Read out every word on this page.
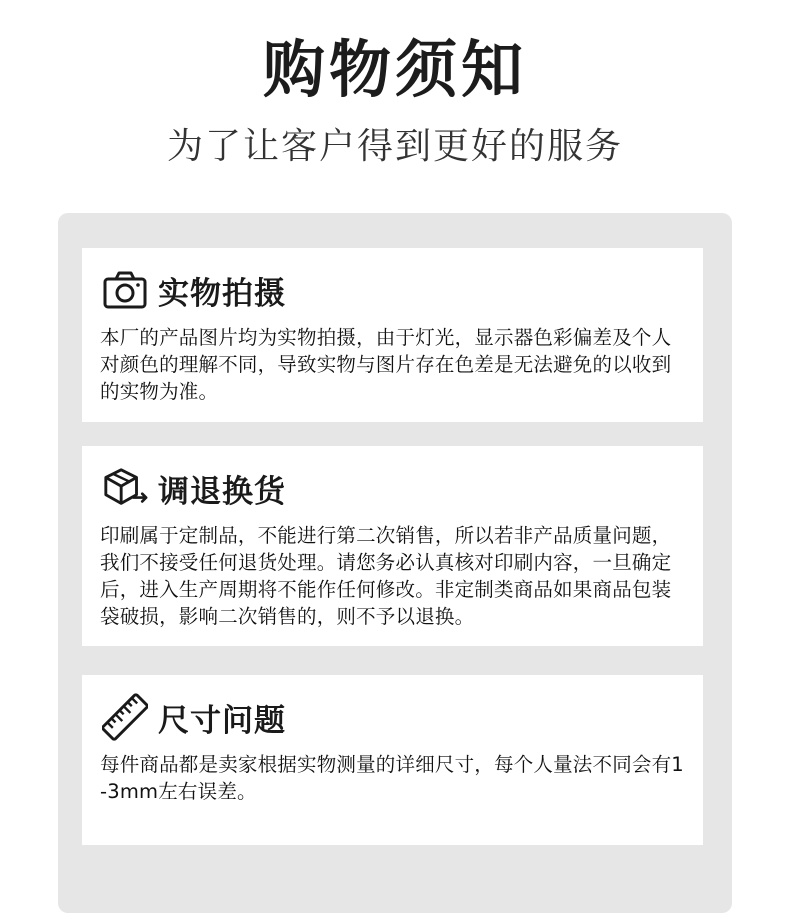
购物须知
为了让客户得到更好的服务
实物拍摄
本厂的产品图片均为实物拍摄，由于灯光，显示器色彩偏差及个人对颜色的理解不同，导致实物与图片存在色差是无法避免的以收到的实物为准。
调退换货
印刷属于定制品，不能进行第二次销售，所以若非产品质量问题，我们不接受任何退货处理。请您务必认真核对印刷内容，一旦确定后，进入生产周期将不能作任何修改。非定制类商品如果商品包装袋破损，影响二次销售的，则不予以退换。
尺寸问题
每件商品都是卖家根据实物测量的详细尺寸，每个人量法不同会有1-3mm左右误差。
